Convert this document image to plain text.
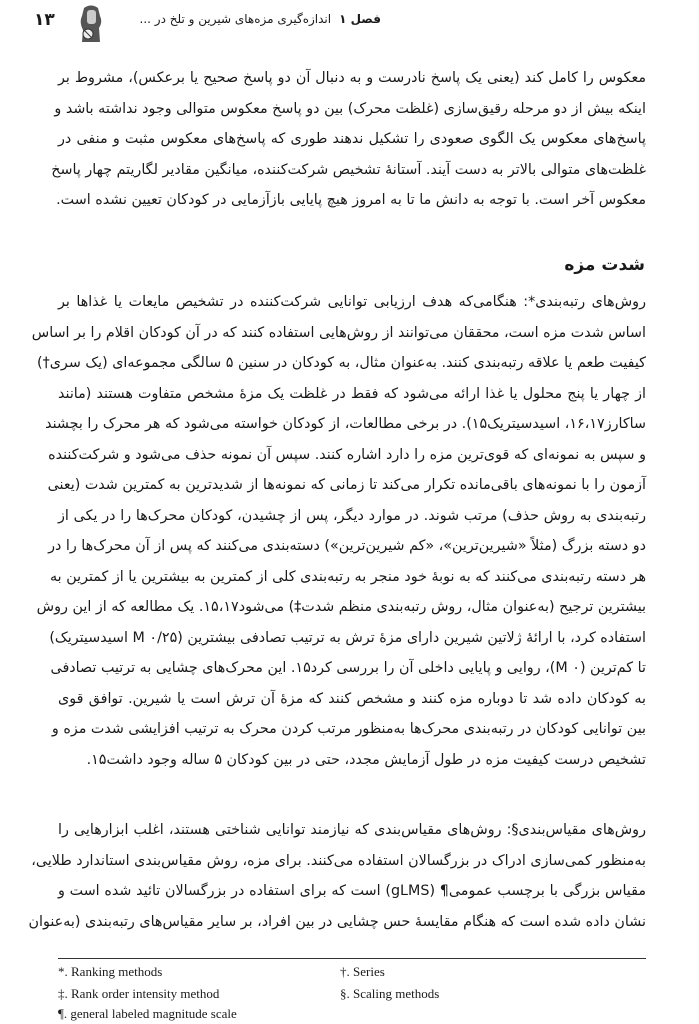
۱۳	فصل ۱اندازه‌گیری مزه‌های شیرین و تلخ در ...
معکوس را کامل کند (یعنی یک پاسخ نادرست و به دنبال آن دو پاسخ صحیح یا برعکس)، مشروط بر
اینکه بیش از دو مرحله رقیق‌سازی (غلظت محرک) بین دو پاسخ معکوس متوالی وجود نداشته باشد و
پاسخ‌های معکوس یک الگوی صعودی را تشکیل ندهند طوری که پاسخ‌های معکوس مثبت و منفی در
غلظت‌های متوالی بالاتر به دست آیند. آستانهٔ تشخیص شرکت‌کننده، میانگین مقادیر لگاریتم چهار پاسخ
معکوس آخر است. با توجه به دانش ما تا به امروز هیچ پایایی بازآزمایی در کودکان تعیین نشده است.
شدت مزه
روش‌های رتبه‌بندی*: هنگامی‌که هدف ارزیابی توانایی شرکت‌کننده در تشخیص مایعات یا غذاها بر
اساس شدت مزه است، محققان می‌توانند از روش‌هایی استفاده کنند که در آن کودکان اقلام را بر اساس
کیفیت طعم یا علاقه رتبه‌بندی کنند. به‌عنوان مثال، به کودکان در سنین ۵ سالگی مجموعه‌ای (یک سری†)
از چهار یا پنج محلول یا غذا ارائه می‌شود که فقط در غلظت یک مزهٔ مشخص متفاوت هستند (مانند
ساکارز۱۶،۱۷، اسیدسیتریک۱۵). در برخی مطالعات، از کودکان خواسته می‌شود که هر محرک را بچشند
و سپس به نمونه‌ای که قوی‌ترین مزه را دارد اشاره کنند. سپس آن نمونه حذف می‌شود و شرکت‌کننده
آزمون را با نمونه‌های باقی‌مانده تکرار می‌کند تا زمانی که نمونه‌ها از شدیدترین به کمترین شدت (یعنی
رتبه‌بندی به روش حذف) مرتب شوند. در موارد دیگر، پس از چشیدن، کودکان محرک‌ها را در یکی از
دو دسته بزرگ (مثلاً «شیرین‌ترین»، «کم شیرین‌ترین») دسته‌بندی می‌کنند که پس از آن محرک‌ها را در
هر دسته رتبه‌بندی می‌کنند که به نوبهٔ خود منجر به رتبه‌بندی کلی از کمترین به بیشترین یا از کمترین به
بیشترین ترجیح (به‌عنوان مثال، روش رتبه‌بندی منظم شدت‡) می‌شود۱۵،۱۷. یک مطالعه که از این روش
استفاده کرد، با ارائهٔ ژلاتین شیرین دارای مزهٔ ترش به ترتیب تصادفی بیشترین (۰/۲۵ M اسیدسیتریک)
تا کم‌ترین (۰ M)، روایی و پایایی داخلی آن را بررسی کرد۱۵. این محرک‌های چشایی به ترتیب تصادفی
به کودکان داده شد تا دوباره مزه کنند و مشخص کنند که مزهٔ آن ترش است یا شیرین. توافق قوی
بین توانایی کودکان در رتبه‌بندی محرک‌ها به‌منظور مرتب کردن محرک به ترتیب افزایشی شدت مزه و
تشخیص درست کیفیت مزه در طول آزمایش مجدد، حتی در بین کودکان ۵ ساله وجود داشت۱۵.
روش‌های مقیاس‌بندی§: روش‌های مقیاس‌بندی که نیازمند توانایی شناختی هستند، اغلب ابزارهایی را
به‌منظور کمی‌سازی ادراک در بزرگسالان استفاده می‌کنند. برای مزه، روش مقیاس‌بندی استاندارد طلایی،
مقیاس بزرگی با برچسب عمومی¶ (gLMS) است که برای استفاده در بزرگسالان تائید شده است و
نشان داده شده است که هنگام مقایسهٔ حس چشایی در بین افراد، بر سایر مقیاس‌های رتبه‌بندی (به‌عنوان
*. Ranking methods	†. Series
‡. Rank order intensity method	§. Scaling methods
¶. general labeled magnitude scale
